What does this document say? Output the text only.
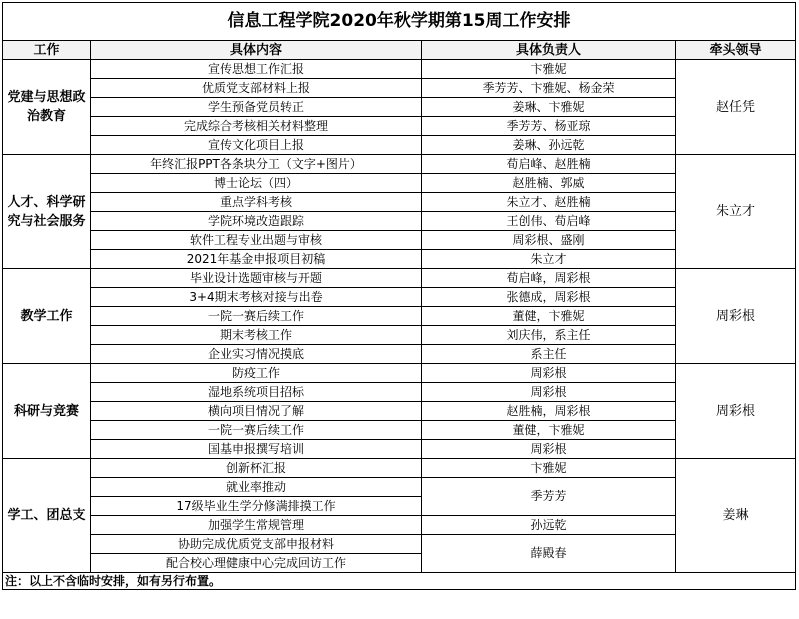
信息工程学院2020年秋学期第15周工作安排			
工作	具体内容	具体负责人	牵头领导
党建与思想政治教育	宣传思想工作汇报	卞雅妮	赵任凭
	优质党支部材料上报	季芳芳、卞雅妮、杨金荣	
	学生预备党员转正	姜琳、卞雅妮	
	完成综合考核相关材料整理	季芳芳、杨亚琼	
	宣传文化项目上报	姜琳、孙远乾	
人才、科学研究与社会服务	年终汇报PPT各条块分工（文字+图片）	荀启峰、赵胜楠	朱立才
	博士论坛（四）	赵胜楠、郭威	
	重点学科考核	朱立才、赵胜楠	
	学院环境改造跟踪	王创伟、荀启峰	
	软件工程专业出题与审核	周彩根、盛刚	
	2021年基金申报项目初稿	朱立才	
教学工作	毕业设计选题审核与开题	荀启峰，周彩根	周彩根
	3+4期末考核对接与出卷	张德成，周彩根	
	一院一赛后续工作	董健，卞雅妮	
	期末考核工作	刘庆伟，系主任	
	企业实习情况摸底	系主任	
科研与竞赛	防疫工作	周彩根	周彩根
	湿地系统项目招标	周彩根	
	横向项目情况了解	赵胜楠，周彩根	
	一院一赛后续工作	董健，卞雅妮	
	国基申报撰写培训	周彩根	
学工、团总支	创新杯汇报	卞雅妮	姜琳
	就业率推动	季芳芳	
	17级毕业生学分修满排摸工作		
	加强学生常规管理	孙远乾	
	协助完成优质党支部申报材料	薛殿春	
	配合校心理健康中心完成回访工作		
注：以上不含临时安排，如有另行布置。			
